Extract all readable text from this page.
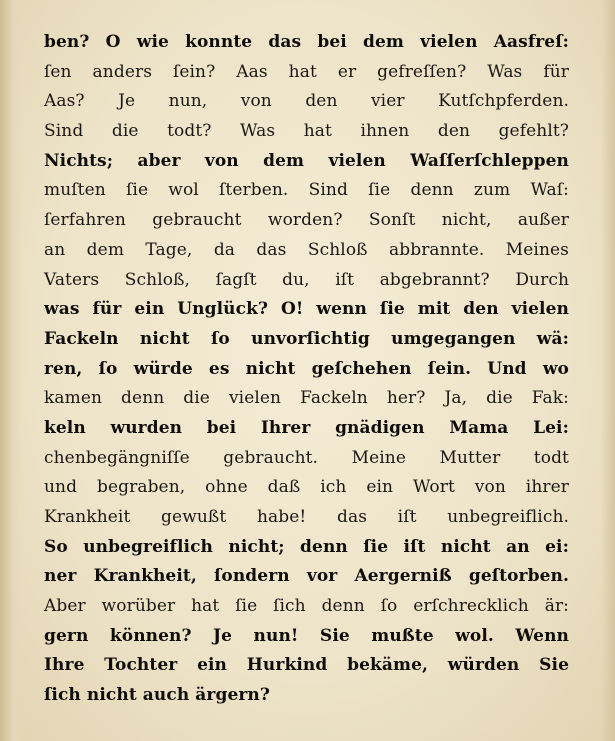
ben? O wie konnte das bei dem vielen Aasfreſ:
ſen anders ſein? Aas hat er gefreſſen? Was für
Aas? Je nun, von den vier Kutſchpferden.
Sind die todt? Was hat ihnen den gefehlt?
Nichts; aber von dem vielen Waſſerſchleppen
muſten ſie wol ſterben. Sind ſie denn zum Waſ:
ſerfahren gebraucht worden? Sonſt nicht, außer
an dem Tage, da das Schloß abbrannte. Meines
Vaters Schloß, ſagſt du, iſt abgebrannt? Durch
was für ein Unglück? O! wenn ſie mit den vielen
Fackeln nicht ſo unvorſichtig umgegangen wä:
ren, ſo würde es nicht geſchehen ſein. Und wo
kamen denn die vielen Fackeln her? Ja, die Fak:
keln wurden bei Ihrer gnädigen Mama Lei:
chenbegängniſſe gebraucht. Meine Mutter todt
und begraben, ohne daß ich ein Wort von ihrer
Krankheit gewußt habe! das iſt unbegreiflich.
So unbegreiflich nicht; denn ſie iſt nicht an ei:
ner Krankheit, ſondern vor Aergerniß geſtorben.
Aber worüber hat ſie ſich denn ſo erſchrecklich är:
gern können? Je nun! Sie mußte wol. Wenn
Ihre Tochter ein Hurkind bekäme, würden Sie
ſich nicht auch ärgern?
